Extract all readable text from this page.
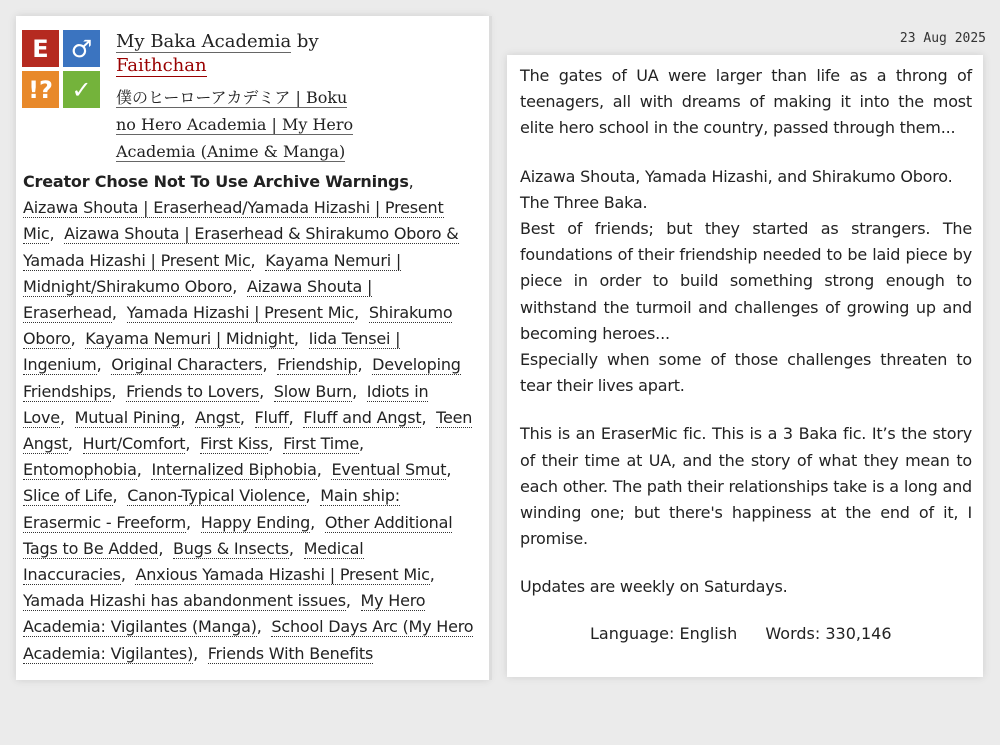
E ♂
!? ✓
My Baka Academia by Faithchan
23 Aug 2025
僕のヒーローアカデミア | Boku
no Hero Academia | My Hero
Academia (Anime & Manga)
Creator Chose Not To Use Archive Warnings,  Aizawa Shouta | Eraserhead/Yamada Hizashi | Present Mic,  Aizawa Shouta | Eraserhead & Shirakumo Oboro & Yamada Hizashi | Present Mic,  Kayama Nemuri | Midnight/Shirakumo Oboro,  Aizawa Shouta | Eraserhead,  Yamada Hizashi | Present Mic,  Shirakumo Oboro,  Kayama Nemuri | Midnight,  Iida Tensei | Ingenium,  Original Characters,  Friendship,  Developing Friendships,  Friends to Lovers,  Slow Burn,  Idiots in Love,  Mutual Pining,  Angst,  Fluff,  Fluff and Angst,  Teen Angst,  Hurt/Comfort,  First Kiss,  First Time,  Entomophobia,  Internalized Biphobia,  Eventual Smut,  Slice of Life,  Canon-Typical Violence,  Main ship: Erasermic - Freeform,  Happy Ending,  Other Additional Tags to Be Added,  Bugs & Insects,  Medical Inaccuracies,  Anxious Yamada Hizashi | Present Mic,  Yamada Hizashi has abandonment issues,  My Hero Academia: Vigilantes (Manga),  School Days Arc (My Hero Academia: Vigilantes),  Friends With Benefits

The gates of UA were larger than life as a throng of teenagers, all with dreams of making it into the most elite hero school in the country, passed through them...

Aizawa Shouta, Yamada Hizashi, and Shirakumo Oboro.
The Three Baka.
Best of friends; but they started as strangers. The foundations of their friendship needed to be laid piece by piece in order to build something strong enough to withstand the turmoil and challenges of growing up and becoming heroes...
Especially when some of those challenges threaten to tear their lives apart.

This is an EraserMic fic. This is a 3 Baka fic. It’s the story of their time at UA, and the story of what they mean to each other. The path their relationships take is a long and winding one; but there's happiness at the end of it, I promise.

Updates are weekly on Saturdays.

Language: English Words: 330,146
